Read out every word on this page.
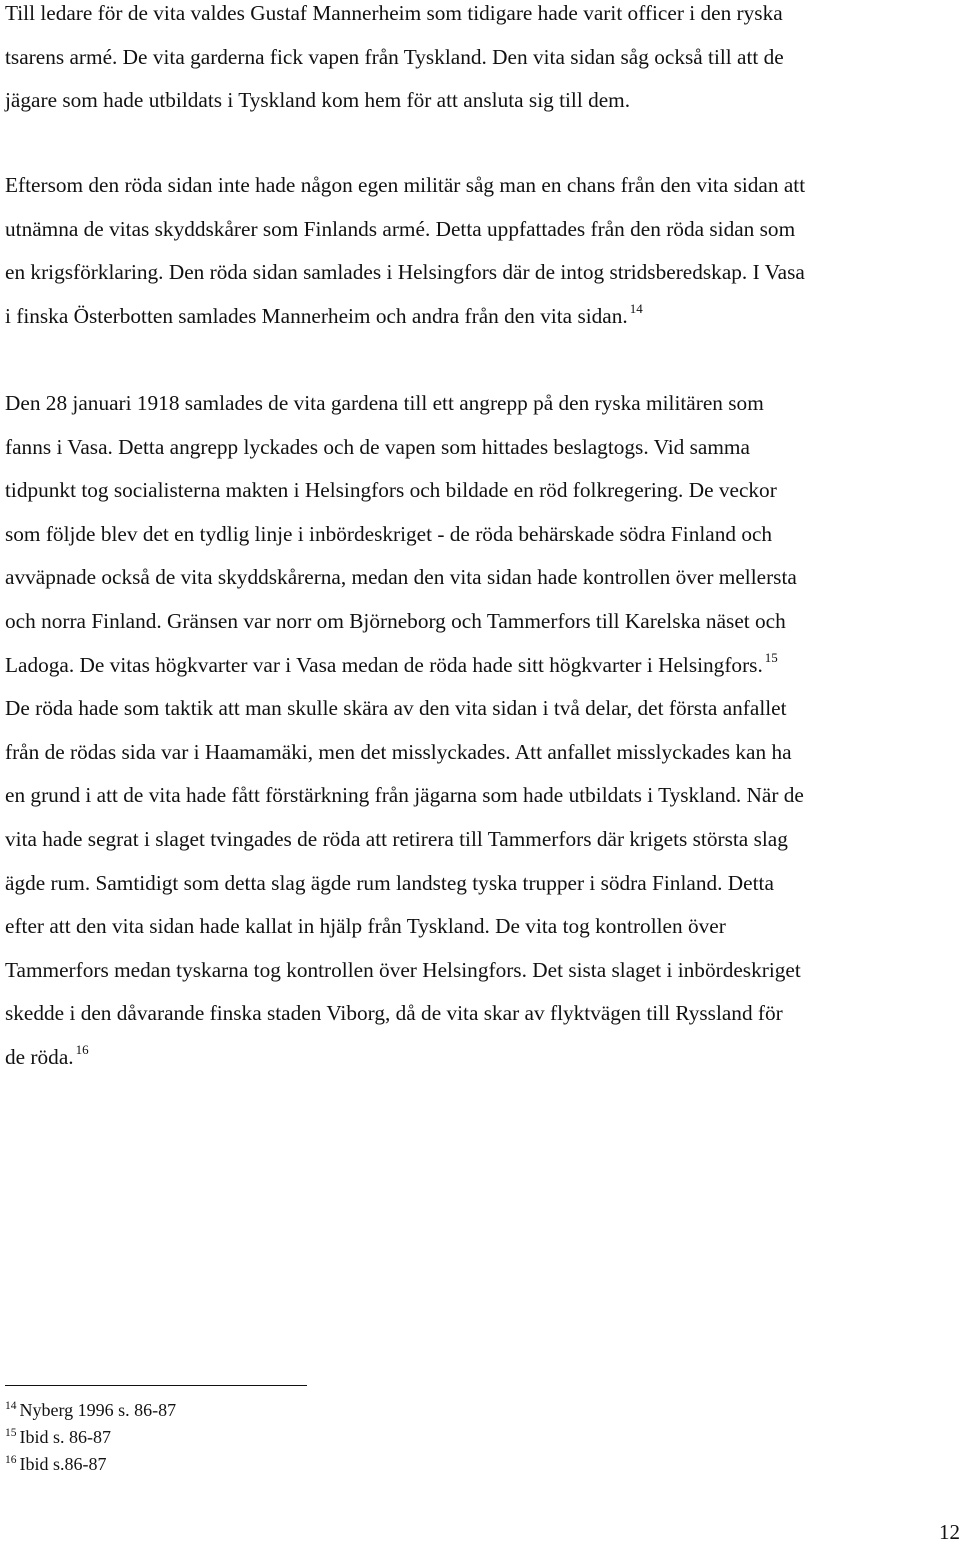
Till ledare för de vita valdes Gustaf Mannerheim som tidigare hade varit officer i den ryska
tsarens armé. De vita garderna fick vapen från Tyskland. Den vita sidan såg också till att de
jägare som hade utbildats i Tyskland kom hem för att ansluta sig till dem.
Eftersom den röda sidan inte hade någon egen militär såg man en chans från den vita sidan att
utnämna de vitas skyddskårer som Finlands armé. Detta uppfattades från den röda sidan som
en krigsförklaring. Den röda sidan samlades i Helsingfors där de intog stridsberedskap. I Vasa
i finska Österbotten samlades Mannerheim och andra från den vita sidan. $^{14}$
Den 28 januari 1918 samlades de vita gardena till ett angrepp på den ryska militären som
fanns i Vasa. Detta angrepp lyckades och de vapen som hittades beslagtogs. Vid samma
tidpunkt tog socialisterna makten i Helsingfors och bildade en röd folkregering. De veckor
som följde blev det en tydlig linje i inbördeskriget - de röda behärskade södra Finland och
avväpnade också de vita skyddskårerna, medan den vita sidan hade kontrollen över mellersta
och norra Finland. Gränsen var norr om Björneborg och Tammerfors till Karelska näset och
Ladoga. De vitas högkvarter var i Vasa medan de röda hade sitt högkvarter i Helsingfors. $^{15}$
De röda hade som taktik att man skulle skära av den vita sidan i två delar, det första anfallet
från de rödas sida var i Haamamäki, men det misslyckades. Att anfallet misslyckades kan ha
en grund i att de vita hade fått förstärkning från jägarna som hade utbildats i Tyskland. När de
vita hade segrat i slaget tvingades de röda att retirera till Tammerfors där krigets största slag
ägde rum. Samtidigt som detta slag ägde rum landsteg tyska trupper i södra Finland. Detta
efter att den vita sidan hade kallat in hjälp från Tyskland. De vita tog kontrollen över
Tammerfors medan tyskarna tog kontrollen över Helsingfors. Det sista slaget i inbördeskriget
skedde i den dåvarande finska staden Viborg, då de vita skar av flyktvägen till Ryssland för
de röda. $^{16}$
$^{14}$ Nyberg 1996 s. 86-87
$^{15}$ Ibid s. 86-87
$^{16}$ Ibid s.86-87
12
